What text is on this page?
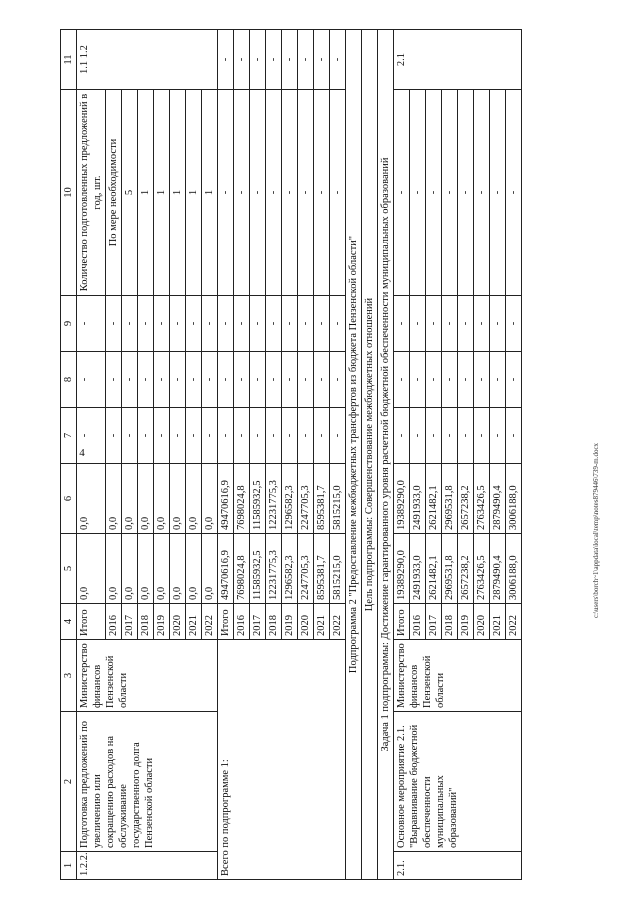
4
1	2	3	4	5	6	7	8	9	10	11
1.2.2.	Подготовка предложений по увеличению или сокращению расходов на обслуживание государственного долга Пензенской области	Министерство финансов Пензенской области	Итого	0,0	0,0	-	-	-	Количество подготовленных предложений в год, шт.	1.1 1.2
			2016	0,0	0,0	-	-	-	По мере необходимости	
			2017	0,0	0,0	-	-	-	5	
			2018	0,0	0,0	-	-	-	1	
			2019	0,0	0,0	-	-	-	1	
			2020	0,0	0,0	-	-	-	1	
			2021	0,0	0,0	-	-	-	1	
			2022	0,0	0,0	-	-	-	1	
Всего по подпрограмме 1:			Итого	49470616,9	49470616,9	-	-	-	-	-
			2016	7698024,8	7698024,8	-	-	-	-	-
			2017	11585932,5	11585932,5	-	-	-	-	-
			2018	12231775,3	12231775,3	-	-	-	-	-
			2019	1296582,3	1296582,3	-	-	-	-	-
			2020	2247705,3	2247705,3	-	-	-	-	-
			2021	8595381,7	8595381,7	-	-	-	-	-
			2022	5815215,0	5815215,0	-	-	-	-	-
Подпрограмма 2 "Предоставление межбюджетных трансфертов из бюджета Пензенской области"										
Цель подпрограммы: Совершенствование межбюджетных отношений										
Задача 1 подпрограммы: Достижение гарантированного уровня расчетной бюджетной обеспеченности муниципальных образований										
2.1.	Основное мероприятие 2.1. "Выравнивание бюджетной обеспеченности муниципальных образований"	Министерство финансов Пензенской области	Итого	19389290,0	19389290,0	-	-	-	-	2.1
			2016	2491933,0	2491933,0	-	-	-	-	
			2017	2621482,1	2621482,1	-	-	-	-	
			2018	2969531,8	2969531,8	-	-	-	-	
			2019	2657238,2	2657238,2	-	-	-	-	
			2020	2763426,5	2763426,5	-	-	-	-	
			2021	2879490,4	2879490,4	-	-	-	-	
			2022	3006188,0	3006188,0	-	-	-	-	
c:\users\borch~1\appdata\local\temp\notes879446\739-m.docx
